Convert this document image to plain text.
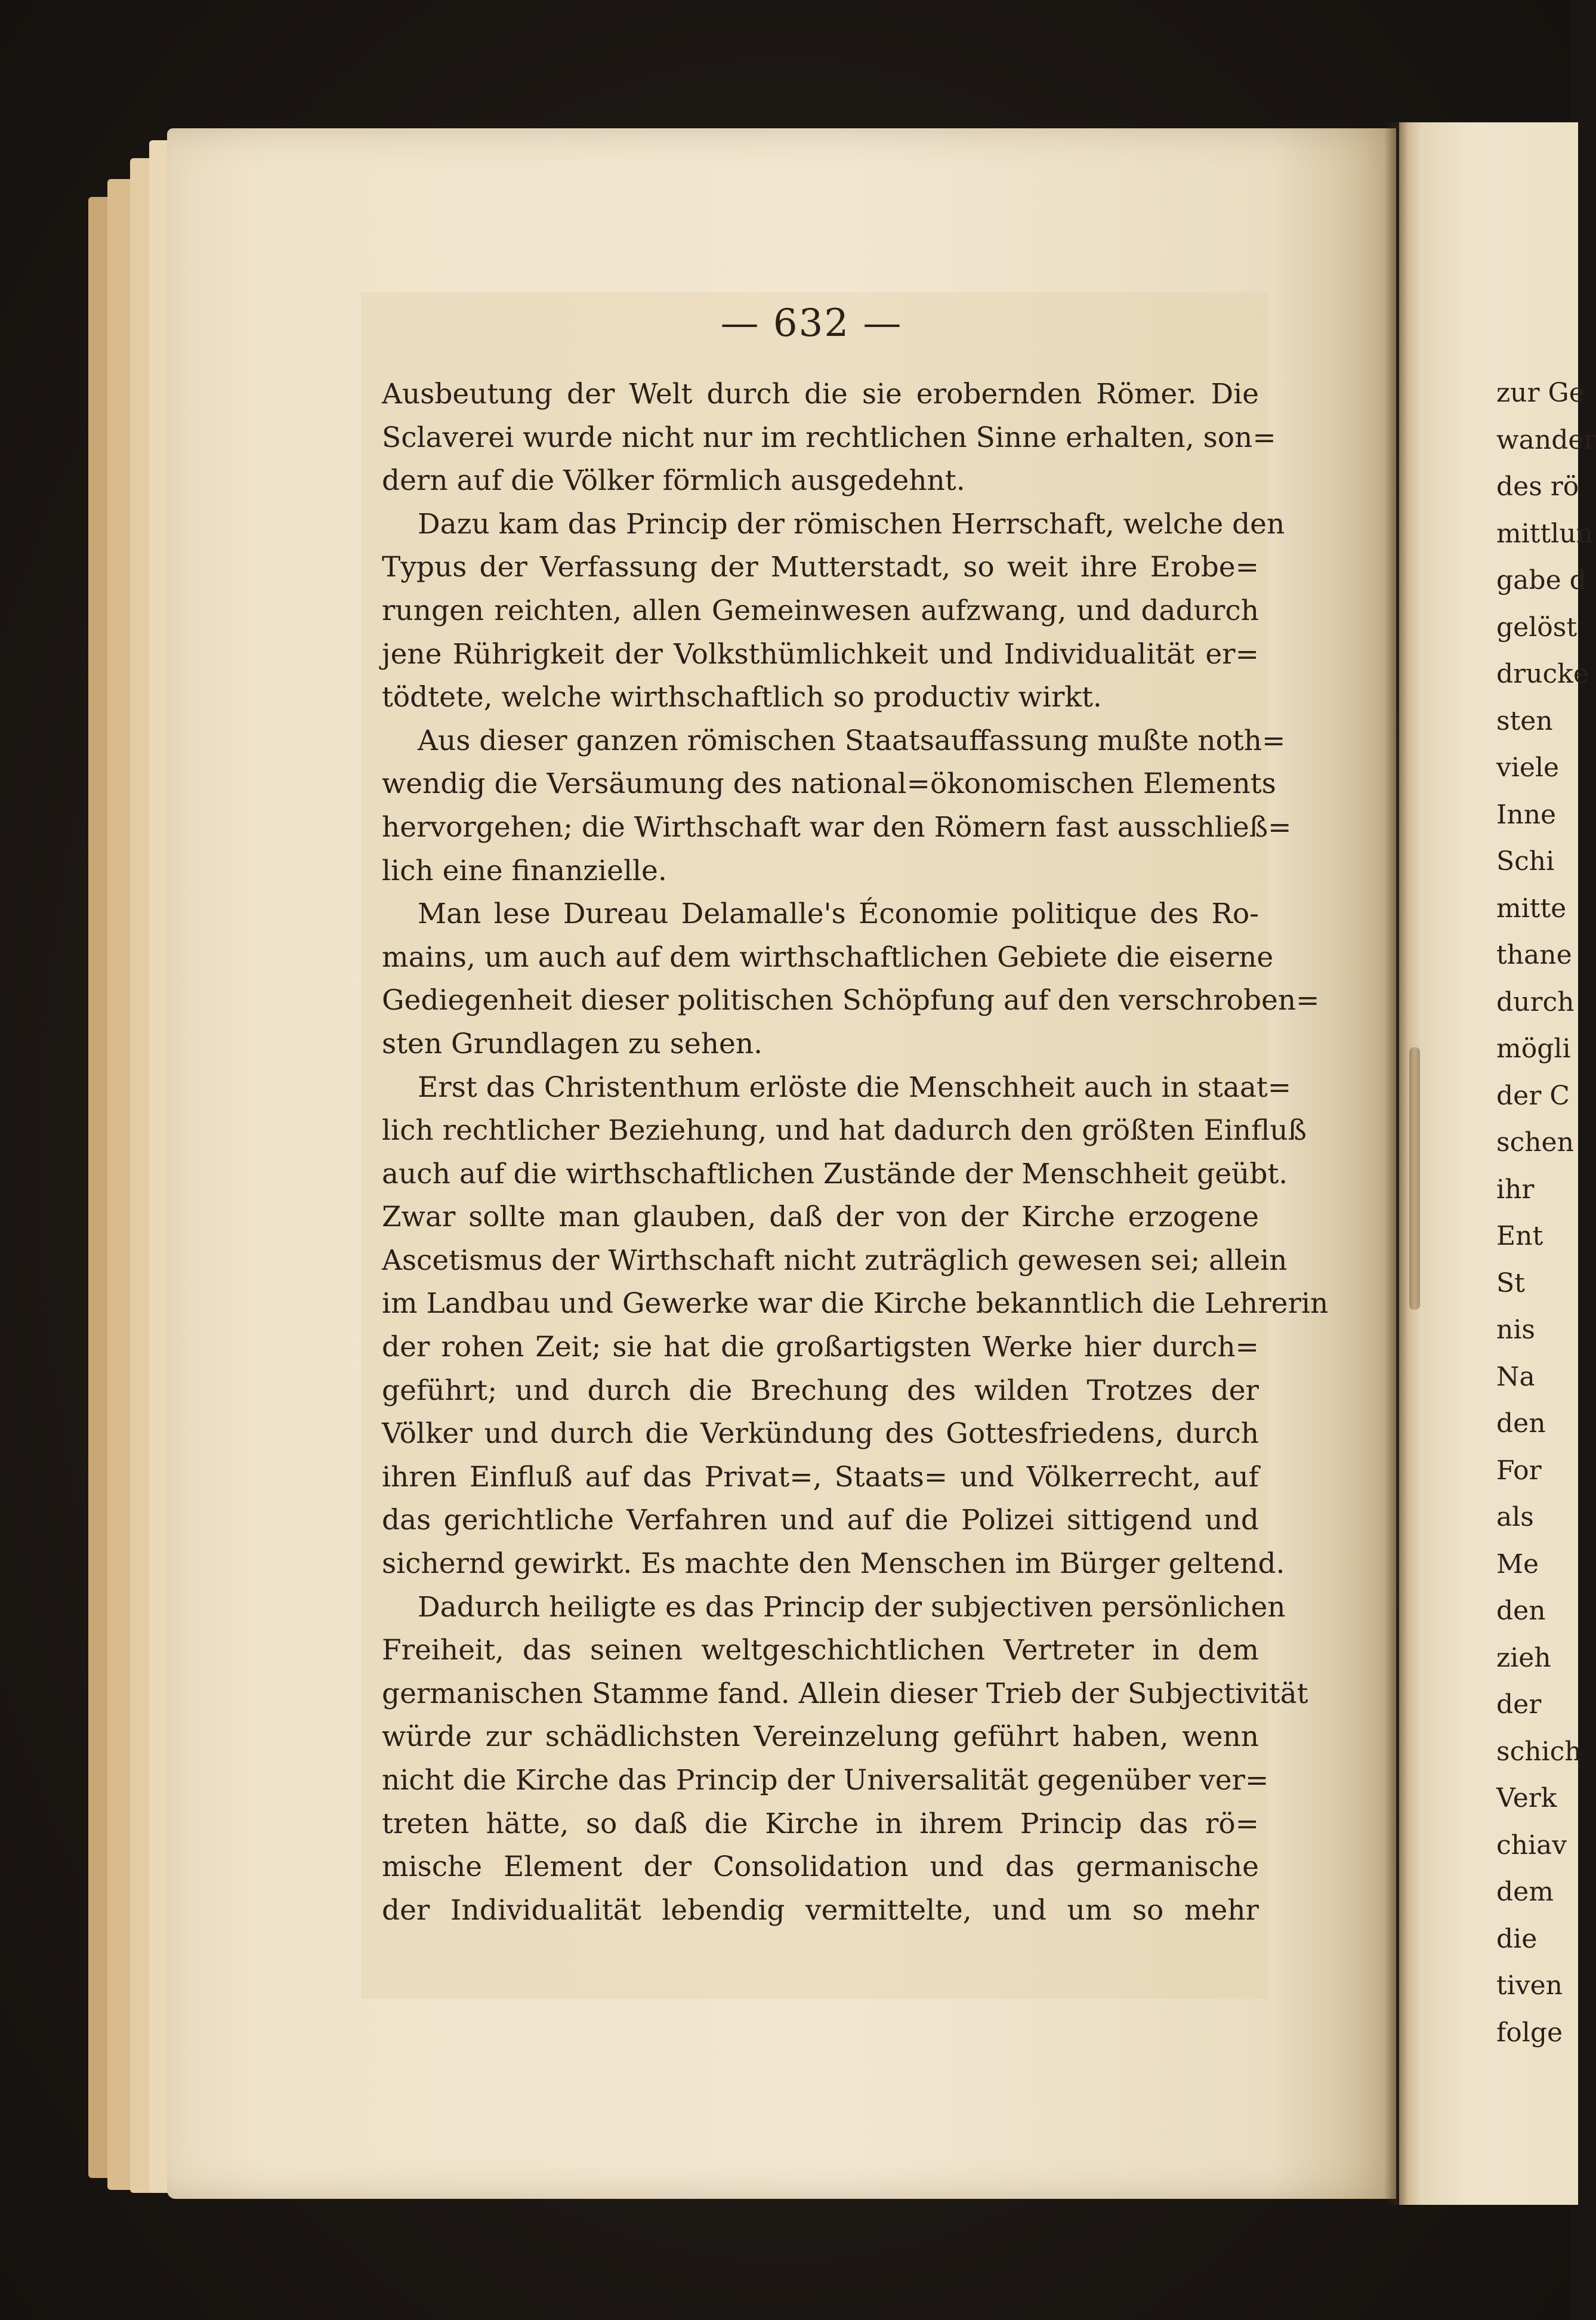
— 632 —
Ausbeutung der Welt durch die sie erobernden Römer. Die
Sclaverei wurde nicht nur im rechtlichen Sinne erhalten, son=
dern auf die Völker förmlich ausgedehnt.
Dazu kam das Princip der römischen Herrschaft, welche den
Typus der Verfassung der Mutterstadt, so weit ihre Erobe=
rungen reichten, allen Gemeinwesen aufzwang, und dadurch
jene Rührigkeit der Volksthümlichkeit und Individualität er=
tödtete, welche wirthschaftlich so productiv wirkt.
Aus dieser ganzen römischen Staatsauffassung mußte noth=
wendig die Versäumung des national=ökonomischen Elements
hervorgehen; die Wirthschaft war den Römern fast ausschließ=
lich eine finanzielle.
Man lese Dureau Delamalle's Économie politique des Ro-
mains, um auch auf dem wirthschaftlichen Gebiete die eiserne
Gediegenheit dieser politischen Schöpfung auf den verschroben=
sten Grundlagen zu sehen.
Erst das Christenthum erlöste die Menschheit auch in staat=
lich rechtlicher Beziehung, und hat dadurch den größten Einfluß
auch auf die wirthschaftlichen Zustände der Menschheit geübt.
Zwar sollte man glauben, daß der von der Kirche erzogene
Ascetismus der Wirthschaft nicht zuträglich gewesen sei; allein
im Landbau und Gewerke war die Kirche bekanntlich die Lehrerin
der rohen Zeit; sie hat die großartigsten Werke hier durch=
geführt; und durch die Brechung des wilden Trotzes der
Völker und durch die Verkündung des Gottesfriedens, durch
ihren Einfluß auf das Privat=, Staats= und Völkerrecht, auf
das gerichtliche Verfahren und auf die Polizei sittigend und
sichernd gewirkt. Es machte den Menschen im Bürger geltend.
Dadurch heiligte es das Princip der subjectiven persönlichen
Freiheit, das seinen weltgeschichtlichen Vertreter in dem
germanischen Stamme fand. Allein dieser Trieb der Subjectivität
würde zur schädlichsten Vereinzelung geführt haben, wenn
nicht die Kirche das Princip der Universalität gegenüber ver=
treten hätte, so daß die Kirche in ihrem Princip das rö=
mische Element der Consolidation und das germanische
der Individualität lebendig vermittelte, und um so mehr
zur Ge
wander
des rö
mittlun
gabe d
gelöst
drucke
sten
viele
Inne
Schi
mitte
thane
durch
mögli
der C
schen
ihr
Ent
St
nis
Na
den
For
als
Me
den
zieh
der
schich
Verk
chiav
dem
die
tiven
folge
